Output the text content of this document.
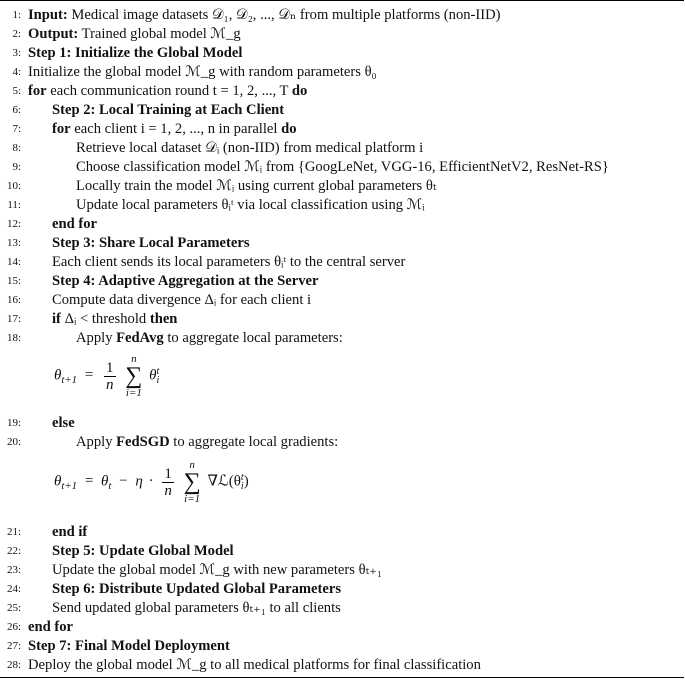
1: Input: Medical image datasets 𝒟₁, 𝒟₂, ..., 𝒟ₙ from multiple platforms (non-IID)
2: Output: Trained global model ℳ_g
3: Step 1: Initialize the Global Model
4: Initialize the global model ℳ_g with random parameters θ₀
5: for each communication round t = 1, 2, ..., T do
6: Step 2: Local Training at Each Client
7: for each client i = 1, 2, ..., n in parallel do
8:	Retrieve local dataset 𝒟ᵢ (non-IID) from medical platform i
9:	Choose classification model ℳᵢ from {GoogLeNet, VGG-16, EfficientNetV2, ResNet-RS}
10:	Locally train the model ℳᵢ using current global parameters θₜ
11:	Update local parameters θᵢᵗ via local classification using ℳᵢ
12: end for
13: Step 3: Share Local Parameters
14: Each client sends its local parameters θᵢᵗ to the central server
15: Step 4: Adaptive Aggregation at the Server
16: Compute data divergence Δᵢ for each client i
17: if Δᵢ < threshold then
18:	Apply FedAvg to aggregate local parameters:
$\theta_{t+1} = \frac{1}{n}$

n
∑
i=1
θ t
i
19: else
20:	Apply FedSGD to aggregate local gradients:
$\theta_{t+1} = \theta_t - \eta \cdot \frac{1}{n}$

n
∑
i=1
∇ℒ(θ t
i )
21: end if
22: Step 5: Update Global Model
23: Update the global model ℳ_g with new parameters θₜ₊₁
24: Step 6: Distribute Updated Global Parameters
25: Send updated global parameters θₜ₊₁ to all clients
26: end for
27: Step 7: Final Model Deployment
28: Deploy the global model ℳ_g to all medical platforms for final classification
